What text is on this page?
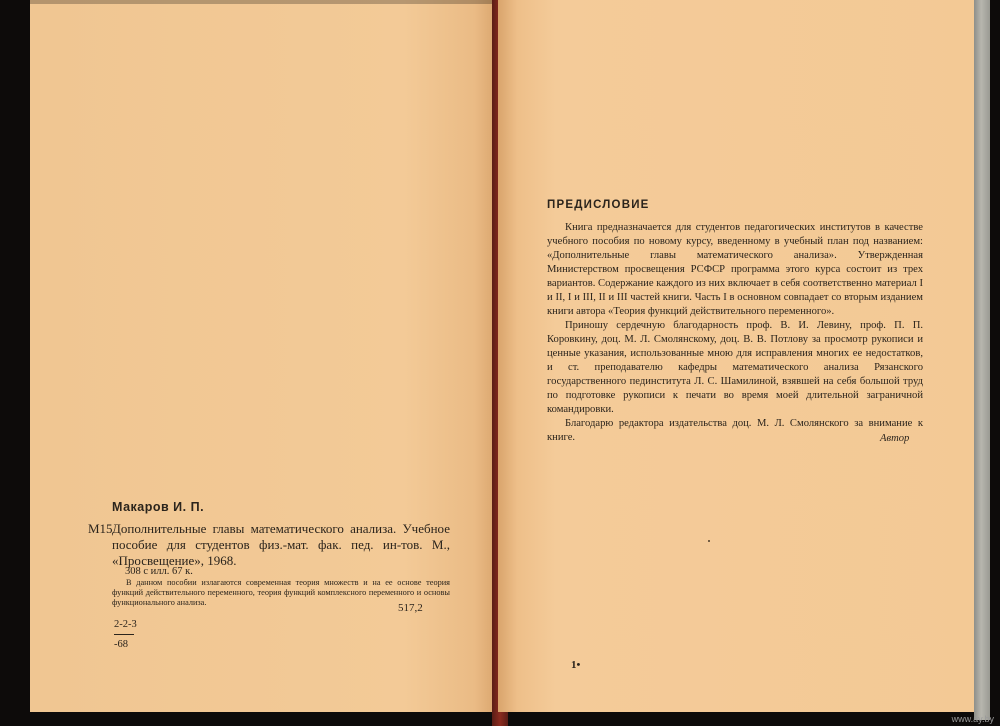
Макаров И. П.
М15 Дополнительные главы математического анализа. Учебное пособие для студентов физ.-мат. фак. пед. ин-тов. М., «Просвещение», 1968.
308 с илл. 67 к.
В данном пособии излагаются современная теория множеств и на ее основе теория функций действительного переменного, теория функций комплексного переменного и основы функционального анализа.	517,2
2-2-3
-68
ПРЕДИСЛОВИЕ

Книга предназначается для студентов педагогических институтов в качестве учебного пособия по новому курсу, введенному в учебный план под названием: «Дополнительные главы математического анализа». Утвержденная Министерством просвещения РСФСР программа этого курса состоит из трех вариантов. Содержание каждого из них включает в себя соответственно материал I и II, I и III, II и III частей книги. Часть I в основном совпадает со вторым изданием книги автора «Теория функций действительного переменного».

Приношу сердечную благодарность проф. В. И. Левину, проф. П. П. Коровкину, доц. М. Л. Смолянскому, доц. В. В. Потлову за просмотр рукописи и ценные указания, использованные мною для исправления многих ее недостатков, и ст. преподавателю кафедры математического анализа Рязанского государственного пединститута Л. С. Шамилиной, взявшей на себя большой труд по подготовке рукописи к печати во время моей длительной заграничной командировки.

Благодарю редактора издательства доц. М. Л. Смолянского за внимание к книге.	Автор
1•
www.ay.by
